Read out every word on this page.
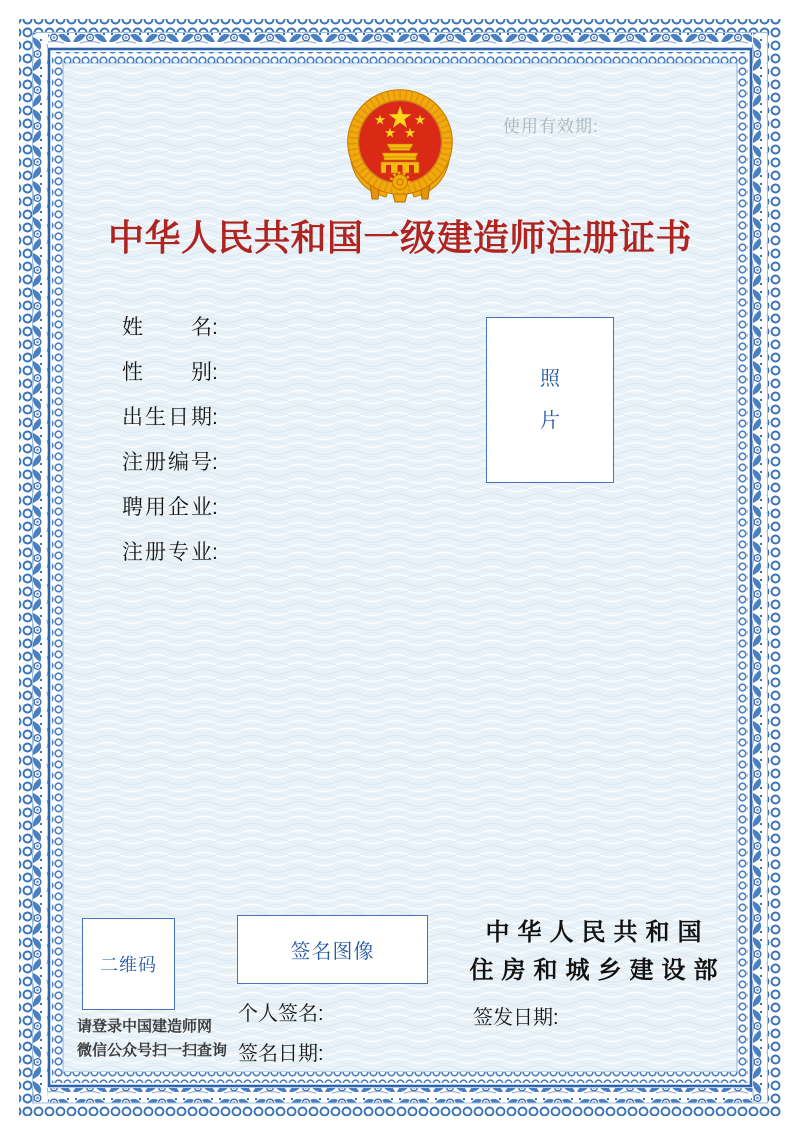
使用有效期:
中华人民共和国一级建造师注册证书
姓名:
性别:
出生日期:
注册编号:
聘用企业:
注册专业:
照
片
二维码
请登录中国建造师网
微信公众号扫一扫查询
签名图像
个人签名:
签名日期:
中华人民共和国
住房和城乡建设部
签发日期:
